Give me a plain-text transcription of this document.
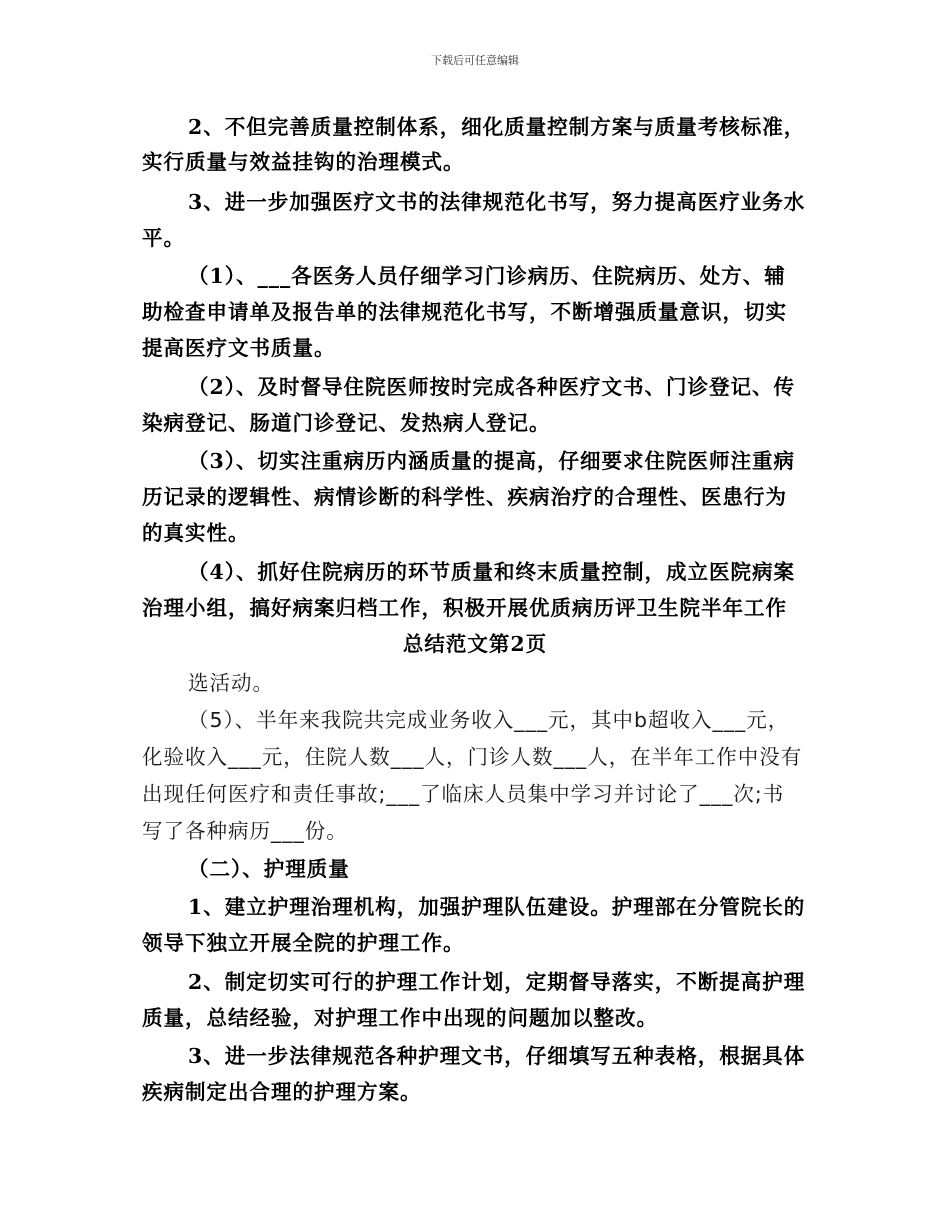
下载后可任意编辑
2、不但完善质量控制体系，细化质量控制方案与质量考核标准，
实行质量与效益挂钩的治理模式。
3、进一步加强医疗文书的法律规范化书写，努力提高医疗业务水
平。
（1）、___各医务人员仔细学习门诊病历、住院病历、处方、辅
助检查申请单及报告单的法律规范化书写，不断增强质量意识，切实
提高医疗文书质量。
（2）、及时督导住院医师按时完成各种医疗文书、门诊登记、传
染病登记、肠道门诊登记、发热病人登记。
（3）、切实注重病历内涵质量的提高，仔细要求住院医师注重病
历记录的逻辑性、病情诊断的科学性、疾病治疗的合理性、医患行为
的真实性。
（4）、抓好住院病历的环节质量和终末质量控制，成立医院病案
治理小组，搞好病案归档工作，积极开展优质病历评卫生院半年工作
总结范文第2页
选活动。
（5）、半年来我院共完成业务收入___元，其中b超收入___元，
化验收入___元，住院人数___人，门诊人数___人，在半年工作中没有
出现任何医疗和责任事故;___了临床人员集中学习并讨论了___次;书
写了各种病历___份。
（二）、护理质量
1、建立护理治理机构，加强护理队伍建设。护理部在分管院长的
领导下独立开展全院的护理工作。
2、制定切实可行的护理工作计划，定期督导落实，不断提高护理
质量，总结经验，对护理工作中出现的问题加以整改。
3、进一步法律规范各种护理文书，仔细填写五种表格，根据具体
疾病制定出合理的护理方案。
